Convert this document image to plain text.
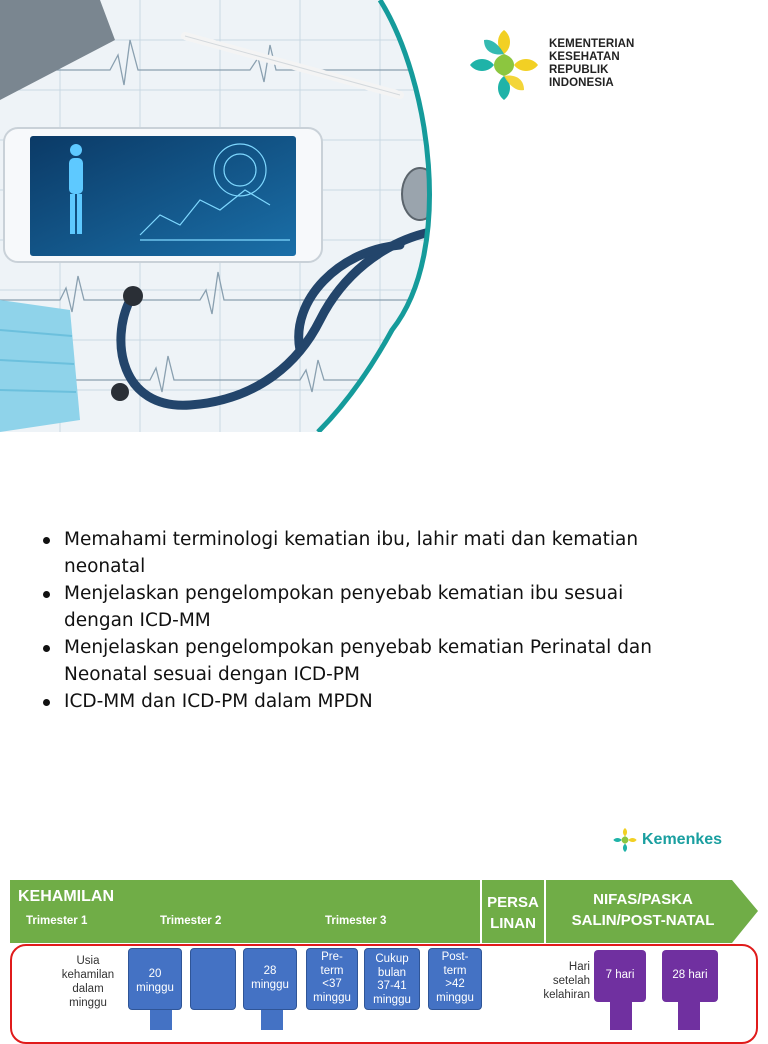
KEMENTERIAN
KESEHATAN
REPUBLIK
INDONESIA
Memahami terminologi kematian ibu, lahir mati dan kematian neonatal
Menjelaskan pengelompokan penyebab kematian ibu sesuai dengan ICD-MM
Menjelaskan pengelompokan penyebab kematian Perinatal dan Neonatal sesuai dengan ICD-PM
ICD-MM dan ICD-PM dalam MPDN
Kemenkes
KEHAMILAN
Trimester 1	Trimester 2	Trimester 3
PERSA
LINAN
NIFAS/PASKA
SALIN/POST-NATAL
Usia
kehamilan
dalam
minggu
20
minggu
28
minggu
Pre-
term
<37
minggu
Cukup
bulan
37-41
minggu
Post-
term
>42
minggu
Hari
setelah
kelahiran
7 hari	28 hari
